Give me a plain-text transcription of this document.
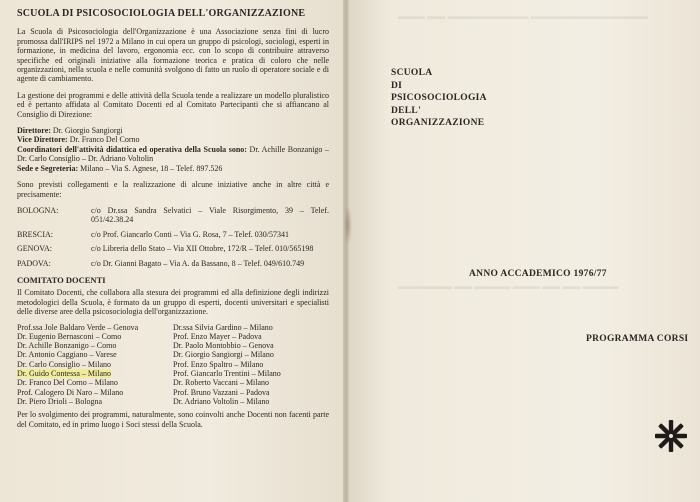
▬▬▬ ▬▬ ▬▬▬▬▬▬▬▬▬ ▬▬▬▬▬▬▬▬▬▬▬▬▬
▬▬▬▬▬▬ ▬▬ ▬▬▬▬ ▬▬▬ ▬▬ ▬▬ ▬▬▬▬
SCUOLA DI PSICOSOCIOLOGIA DELL'ORGANIZZAZIONE
La Scuola di Psicosociologia dell'Organizzazione è una Associazione senza fini di lucro promossa dall'IRIPS nel 1972 a Milano in cui opera un gruppo di psicologi, sociologi, esperti in formazione, in medicina del lavoro, ergonomia ecc. con lo scopo di contribuire attraverso specifiche ed originali iniziative alla formazione teorica e pratica di coloro che nelle organizzazioni, nella scuola e nelle comunità svolgono di fatto un ruolo di operatore sociale e di agente di cambiamento.
La gestione dei programmi e delle attività della Scuola tende a realizzare un modello pluralistico ed è pertanto affidata al Comitato Docenti ed al Comitato Partecipanti che si affiancano al Consiglio di Direzione:
Direttore: Dr. Giorgio Sangiorgi
Vice Direttore: Dr. Franco Del Corno
Coordinatori dell'attività didattica ed operativa della Scuola sono: Dr. Achille Bonzanigo – Dr. Carlo Consiglio – Dr. Adriano Voltolin
Sede e Segreteria: Milano – Via S. Agnese, 18 – Telef. 897.526
Sono previsti collegamenti e la realizzazione di alcune iniziative anche in altre città e precisamente:
BOLOGNA:	c/o Dr.ssa Sandra Selvatici – Viale Risorgimento, 39 – Telef. 051/42.38.24
BRESCIA:	c/o Prof. Giancarlo Conti – Via G. Rosa, 7 – Telef. 030/57341
GENOVA:	c/o Libreria dello Stato – Via XII Ottobre, 172/R – Telef. 010/565198
PADOVA:	c/o Dr. Gianni Bagato – Via A. da Bassano, 8 – Telef. 049/610.749
COMITATO DOCENTI
Il Comitato Docenti, che collabora alla stesura dei programmi ed alla definizione degli indirizzi metodologici della Scuola, è formato da un gruppo di esperti, docenti universitari e specialisti delle diverse aree della psicosociologia dell'organizzazione.
Prof.ssa Jole Baldaro Verde – Genova
Dr. Eugenio Bernasconi – Como
Dr. Achille Bonzanigo – Como
Dr. Antonio Caggiano – Varese
Dr. Carlo Consiglio – Milano
Dr. Guido Contessa – Milano
Dr. Franco Del Corno – Milano
Prof. Calogero Di Naro – Milano
Dr. Piero Drioli – Bologna
Dr.ssa Silvia Gardino – Milano
Prof. Enzo Mayer – Padova
Dr. Paolo Montobbio – Genova
Dr. Giorgio Sangiorgi – Milano
Prof. Enzo Spaltro – Milano
Prof. Giancarlo Trentini – Milano
Dr. Roberto Vaccani – Milano
Prof. Bruno Vazzani – Padova
Dr. Adriano Voltolin – Milano
Per lo svolgimento dei programmi, naturalmente, sono coinvolti anche Docenti non facenti parte del Comitato, ed in primo luogo i Soci stessi della Scuola.
SCUOLA
DI
PSICOSOCIOLOGIA
DELL'
ORGANIZZAZIONE
ANNO ACCADEMICO 1976/77
PROGRAMMA CORSI
